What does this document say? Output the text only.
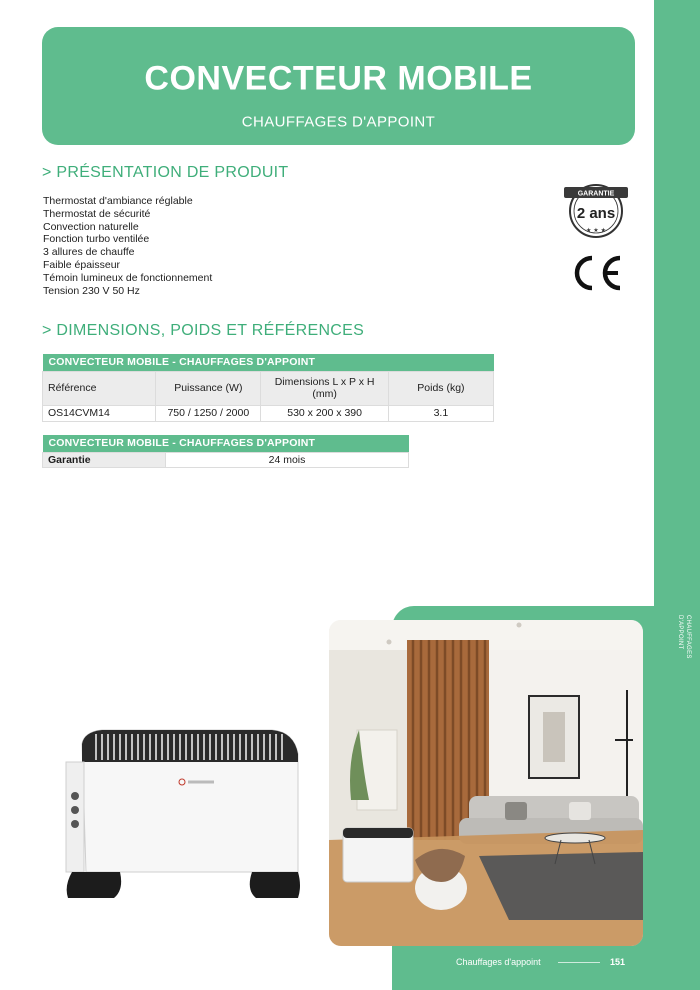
CHAUFFAGES D'APPOINT
CONVECTEUR MOBILE
CHAUFFAGES D'APPOINT
> PRÉSENTATION DE PRODUIT
Thermostat d'ambiance réglable
Thermostat de sécurité
Convection naturelle
Fonction turbo ventilée
3 allures de chauffe
Faible épaisseur
Témoin lumineux de fonctionnement
Tension 230 V 50 Hz
GARANTIE
2 ans
★ ★ ★
> DIMENSIONS, POIDS ET RÉFÉRENCES
CONVECTEUR MOBILE - CHAUFFAGES D'APPOINT			
Référence	Puissance (W)	Dimensions L x P x H (mm)	Poids (kg)
OS14CVM14	750 / 1250 / 2000	530 x 200 x 390	3.1
CONVECTEUR MOBILE - CHAUFFAGES D'APPOINT
Garantie	24 mois
Chauffages d'appoint	151
